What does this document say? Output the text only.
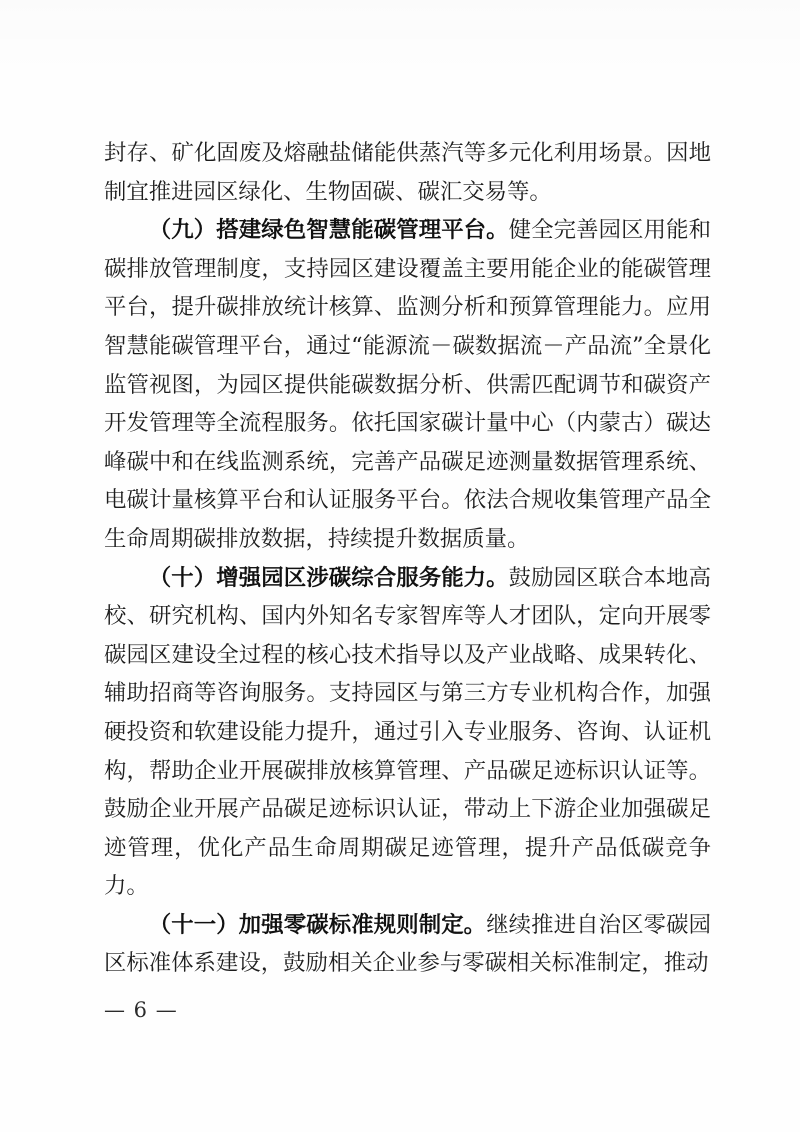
封存、矿化固废及熔融盐储能供蒸汽等多元化利用场景。因地制宜推进园区绿化、生物固碳、碳汇交易等。

（九）搭建绿色智慧能碳管理平台。健全完善园区用能和碳排放管理制度，支持园区建设覆盖主要用能企业的能碳管理平台，提升碳排放统计核算、监测分析和预算管理能力。应用智慧能碳管理平台，通过“能源流－碳数据流－产品流”全景化监管视图，为园区提供能碳数据分析、供需匹配调节和碳资产开发管理等全流程服务。依托国家碳计量中心（内蒙古）碳达峰碳中和在线监测系统，完善产品碳足迹测量数据管理系统、电碳计量核算平台和认证服务平台。依法合规收集管理产品全生命周期碳排放数据，持续提升数据质量。

（十）增强园区涉碳综合服务能力。鼓励园区联合本地高校、研究机构、国内外知名专家智库等人才团队，定向开展零碳园区建设全过程的核心技术指导以及产业战略、成果转化、辅助招商等咨询服务。支持园区与第三方专业机构合作，加强硬投资和软建设能力提升，通过引入专业服务、咨询、认证机构，帮助企业开展碳排放核算管理、产品碳足迹标识认证等。鼓励企业开展产品碳足迹标识认证，带动上下游企业加强碳足迹管理，优化产品生命周期碳足迹管理，提升产品低碳竞争力。

（十一）加强零碳标准规则制定。继续推进自治区零碳园区标准体系建设，鼓励相关企业参与零碳相关标准制定，推动

— 6 —
